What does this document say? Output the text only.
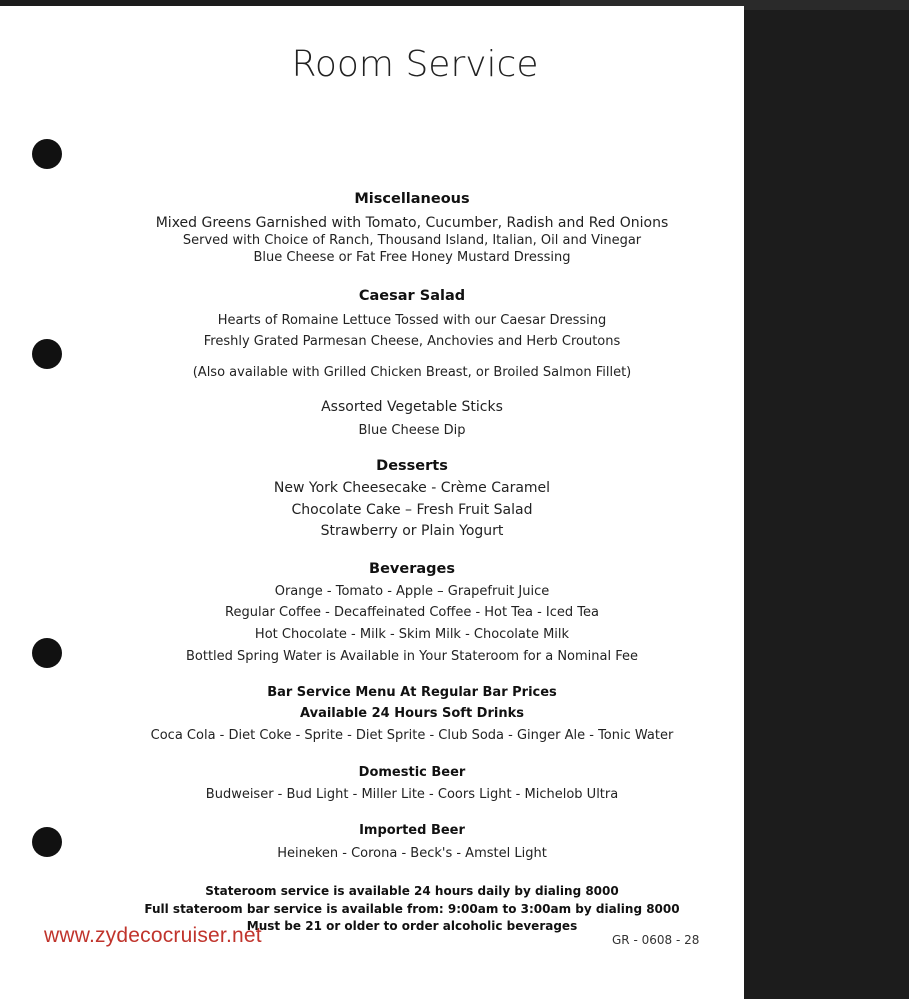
Room Service
Miscellaneous
Mixed Greens Garnished with Tomato, Cucumber, Radish and Red Onions
Served with Choice of Ranch, Thousand Island, Italian, Oil and Vinegar
Blue Cheese or Fat Free Honey Mustard Dressing
Caesar Salad
Hearts of Romaine Lettuce Tossed with our Caesar Dressing
Freshly Grated Parmesan Cheese, Anchovies and Herb Croutons
(Also available with Grilled Chicken Breast, or Broiled Salmon Fillet)
Assorted Vegetable Sticks
Blue Cheese Dip
Desserts
New York Cheesecake - Crème Caramel
Chocolate Cake – Fresh Fruit Salad
Strawberry or Plain Yogurt
Beverages
Orange - Tomato - Apple – Grapefruit Juice
Regular Coffee - Decaffeinated Coffee - Hot Tea - Iced Tea
Hot Chocolate - Milk - Skim Milk - Chocolate Milk
Bottled Spring Water is Available in Your Stateroom for a Nominal Fee
Bar Service Menu At Regular Bar Prices
Available 24 Hours Soft Drinks
Coca Cola - Diet Coke - Sprite - Diet Sprite - Club Soda - Ginger Ale - Tonic Water
Domestic Beer
Budweiser - Bud Light - Miller Lite - Coors Light - Michelob Ultra
Imported Beer
Heineken - Corona - Beck's - Amstel Light
Stateroom service is available 24 hours daily by dialing 8000
Full stateroom bar service is available from: 9:00am to 3:00am by dialing 8000
Must be 21 or older to order alcoholic beverages
GR - 0608 - 28
www.zydecocruiser.net
